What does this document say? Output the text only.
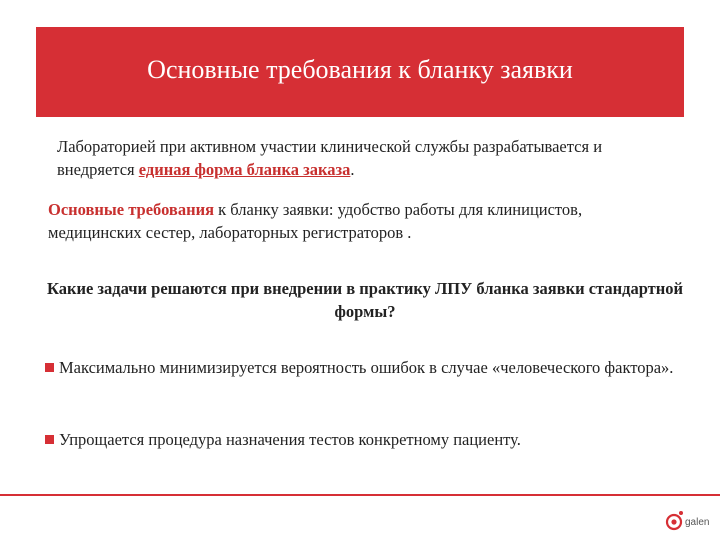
Основные требования к бланку заявки
Лабораторией при активном участии клинической службы разрабатывается и внедряется единая форма бланка заказа.
Основные требования к бланку заявки: удобство работы для клиницистов, медицинских сестер, лабораторных регистраторов .
Какие задачи решаются при внедрении в практику ЛПУ бланка заявки стандартной формы?
Максимально минимизируется вероятность ошибок в случае «человеческого фактора».
Упрощается процедура назначения тестов конкретному пациенту.
galen
